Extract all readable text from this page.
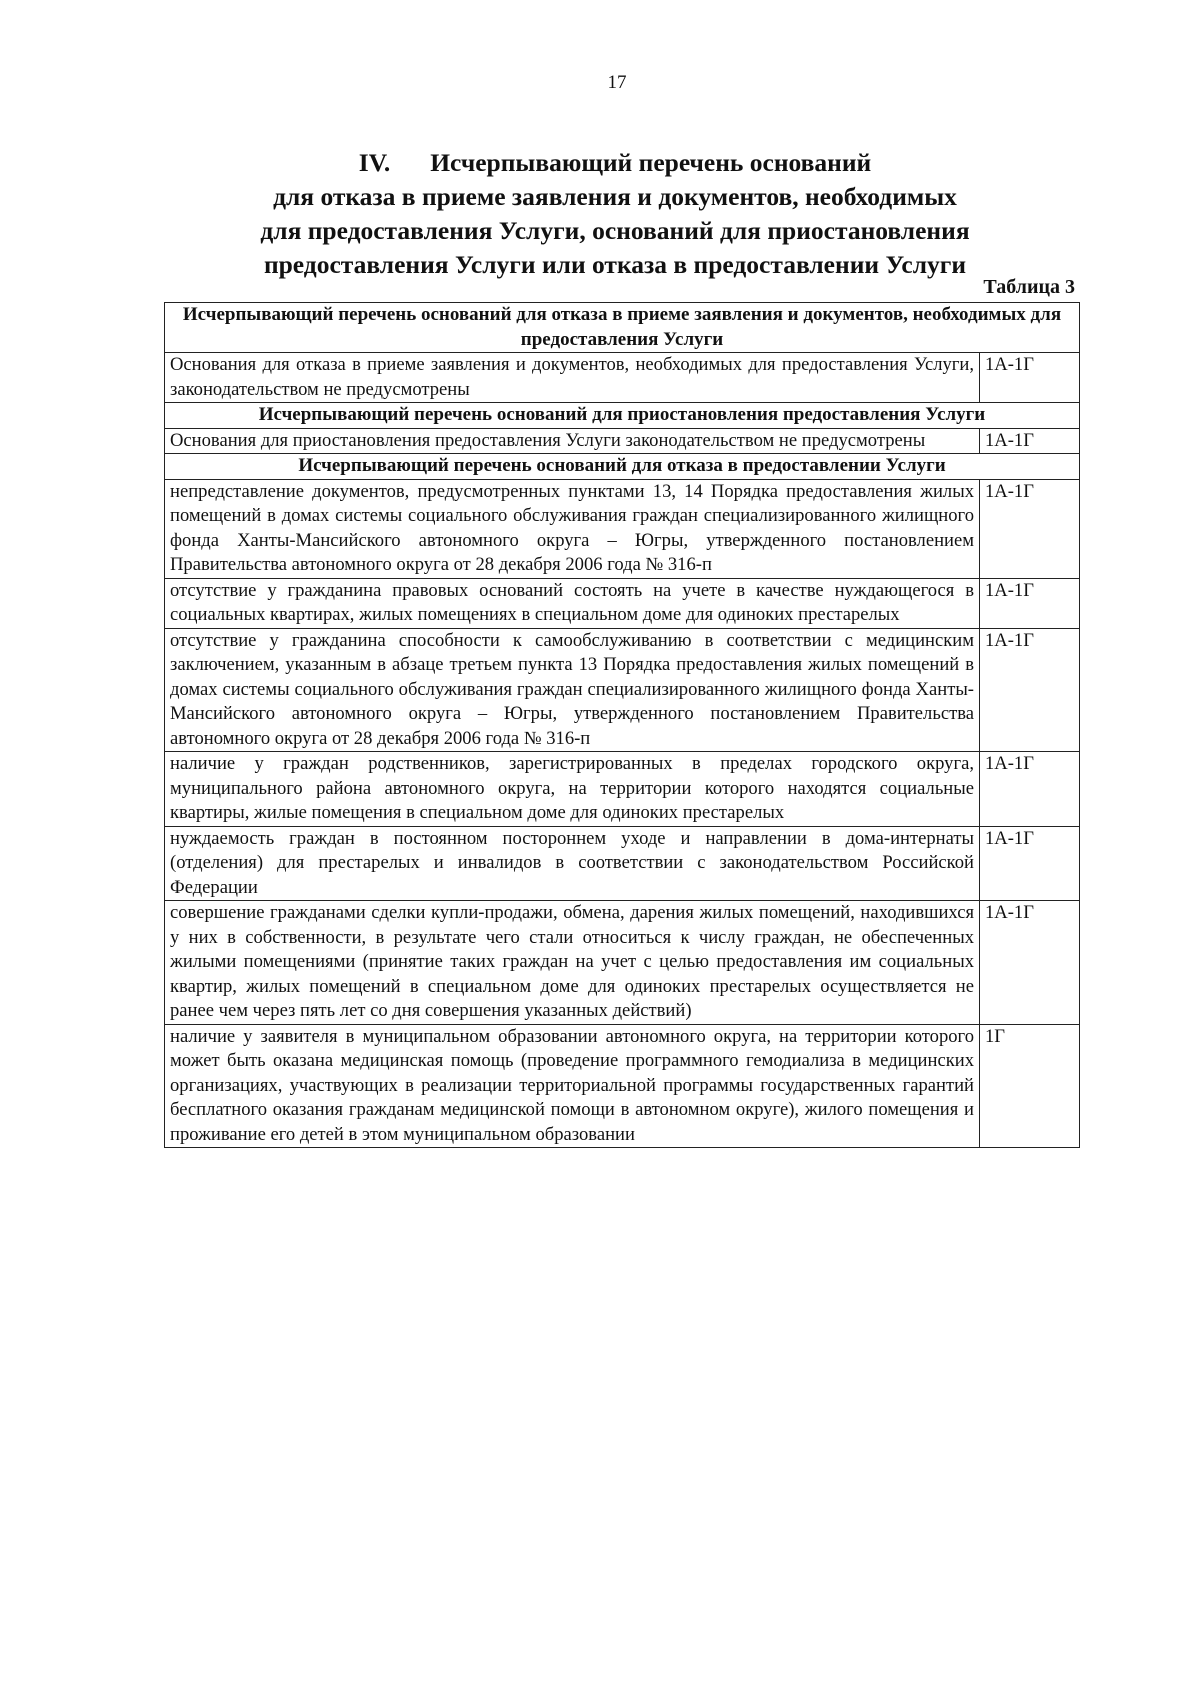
17
IV. Исчерпывающий перечень оснований
для отказа в приеме заявления и документов, необходимых
для предоставления Услуги, оснований для приостановления
предоставления Услуги или отказа в предоставлении Услуги
Таблица 3
Исчерпывающий перечень оснований для отказа в приеме заявления и документов, необходимых для предоставления Услуги	
Основания для отказа в приеме заявления и документов, необходимых для предоставления Услуги, законодательством не предусмотрены	1А-1Г
Исчерпывающий перечень оснований для приостановления предоставления Услуги	
Основания для приостановления предоставления Услуги законодательством не предусмотрены	1А-1Г
Исчерпывающий перечень оснований для отказа в предоставлении Услуги	
непредставление документов, предусмотренных пунктами 13, 14 Порядка предоставления жилых помещений в домах системы социального обслуживания граждан специализированного жилищного фонда Ханты-Мансийского автономного округа – Югры, утвержденного постановлением Правительства автономного округа от 28 декабря 2006 года № 316-п	1А-1Г
отсутствие у гражданина правовых оснований состоять на учете в качестве нуждающегося в социальных квартирах, жилых помещениях в специальном доме для одиноких престарелых	1А-1Г
отсутствие у гражданина способности к самообслуживанию в соответствии с медицинским заключением, указанным в абзаце третьем пункта 13 Порядка предоставления жилых помещений в домах системы социального обслуживания граждан специализированного жилищного фонда Ханты-Мансийского автономного округа – Югры, утвержденного постановлением Правительства автономного округа от 28 декабря 2006 года № 316-п	1А-1Г
наличие у граждан родственников, зарегистрированных в пределах городского округа, муниципального района автономного округа, на территории которого находятся социальные квартиры, жилые помещения в специальном доме для одиноких престарелых	1А-1Г
нуждаемость граждан в постоянном постороннем уходе и направлении в дома-интернаты (отделения) для престарелых и инвалидов в соответствии с законодательством Российской Федерации	1А-1Г
совершение гражданами сделки купли-продажи, обмена, дарения жилых помещений, находившихся у них в собственности, в результате чего стали относиться к числу граждан, не обеспеченных жилыми помещениями (принятие таких граждан на учет с целью предоставления им социальных квартир, жилых помещений в специальном доме для одиноких престарелых осуществляется не ранее чем через пять лет со дня совершения указанных действий)	1А-1Г
наличие у заявителя в муниципальном образовании автономного округа, на территории которого может быть оказана медицинская помощь (проведение программного гемодиализа в медицинских организациях, участвующих в реализации территориальной программы государственных гарантий бесплатного оказания гражданам медицинской помощи в автономном округе), жилого помещения и проживание его детей в этом муниципальном образовании	1Г
